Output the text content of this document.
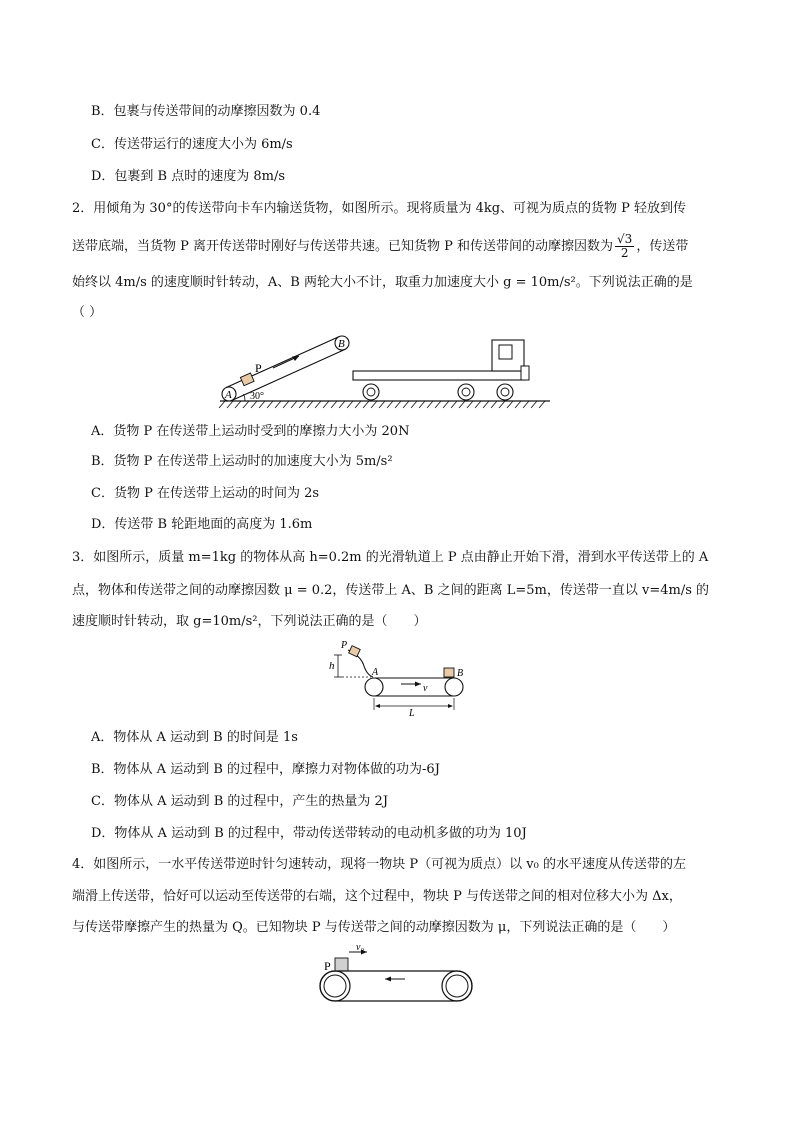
B．包裹与传送带间的动摩擦因数为 0.4
C．传送带运行的速度大小为 6m/s
D．包裹到 B 点时的速度为 8m/s
2．用倾角为 30°的传送带向卡车内输送货物，如图所示。现将质量为 4kg、可视为质点的货物 P 轻放到传
送带底端，当货物 P 离开传送带时刚好与传送带共速。已知货物 P 和传送带间的动摩擦因数为 $\frac{√3}{2}$ ，传送带
始终以 4m/s 的速度顺时针转动，A、B 两轮大小不计，取重力加速度大小 g = 10m/s²。下列说法正确的是
（ ）
A
B
P
30°
A．货物 P 在传送带上运动时受到的摩擦力大小为 20N
B．货物 P 在传送带上运动时的加速度大小为 5m/s²
C．货物 P 在传送带上运动的时间为 2s
D．传送带 B 轮距地面的高度为 1.6m
3．如图所示，质量 m=1kg 的物体从高 h=0.2m 的光滑轨道上 P 点由静止开始下滑，滑到水平传送带上的 A
点，物体和传送带之间的动摩擦因数 μ = 0.2，传送带上 A、B 之间的距离 L=5m，传送带一直以 v=4m/s 的
速度顺时针转动，取 g=10m/s²，下列说法正确的是（　　）
h
P
A	B
v
L
A．物体从 A 运动到 B 的时间是 1s
B．物体从 A 运动到 B 的过程中，摩擦力对物体做的功为-6J
C．物体从 A 运动到 B 的过程中，产生的热量为 2J
D．物体从 A 运动到 B 的过程中，带动传送带转动的电动机多做的功为 10J
4．如图所示，一水平传送带逆时针匀速转动，现将一物块 P（可视为质点）以 v₀ 的水平速度从传送带的左
端滑上传送带，恰好可以运动至传送带的右端，这个过程中，物块 P 与传送带之间的相对位移大小为 Δx，
与传送带摩擦产生的热量为 Q。已知物块 P 与传送带之间的动摩擦因数为 μ，下列说法正确的是（　　）
v₀
P
